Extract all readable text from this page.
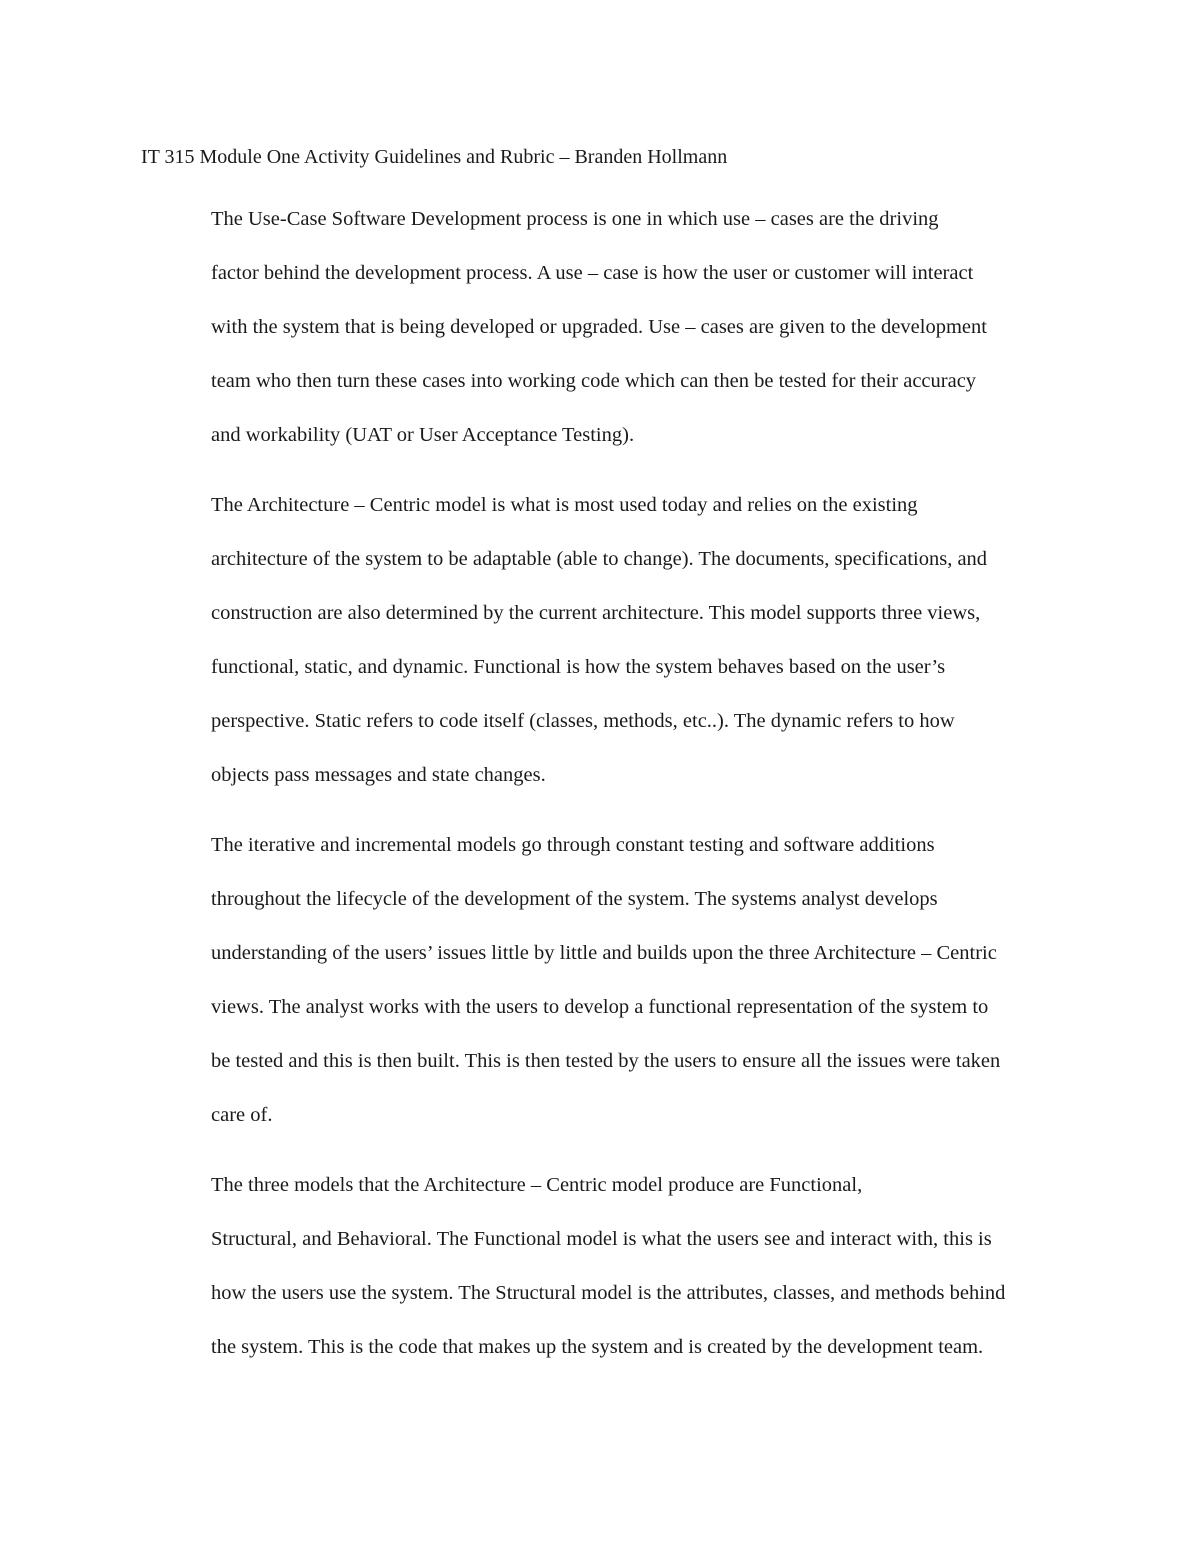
IT 315 Module One Activity Guidelines and Rubric – Branden Hollmann

The Use-Case Software Development process is one in which use – cases are the driving
factor behind the development process. A use – case is how the user or customer will interact
with the system that is being developed or upgraded. Use – cases are given to the development
team who then turn these cases into working code which can then be tested for their accuracy
and workability (UAT or User Acceptance Testing).

The Architecture – Centric model is what is most used today and relies on the existing
architecture of the system to be adaptable (able to change). The documents, specifications, and
construction are also determined by the current architecture. This model supports three views,
functional, static, and dynamic. Functional is how the system behaves based on the user’s
perspective. Static refers to code itself (classes, methods, etc..). The dynamic refers to how
objects pass messages and state changes.

The iterative and incremental models go through constant testing and software additions
throughout the lifecycle of the development of the system. The systems analyst develops
understanding of the users’ issues little by little and builds upon the three Architecture – Centric
views. The analyst works with the users to develop a functional representation of the system to
be tested and this is then built. This is then tested by the users to ensure all the issues were taken
care of.

The three models that the Architecture – Centric model produce are Functional,
Structural, and Behavioral. The Functional model is what the users see and interact with, this is
how the users use the system. The Structural model is the attributes, classes, and methods behind
the system. This is the code that makes up the system and is created by the development team.
